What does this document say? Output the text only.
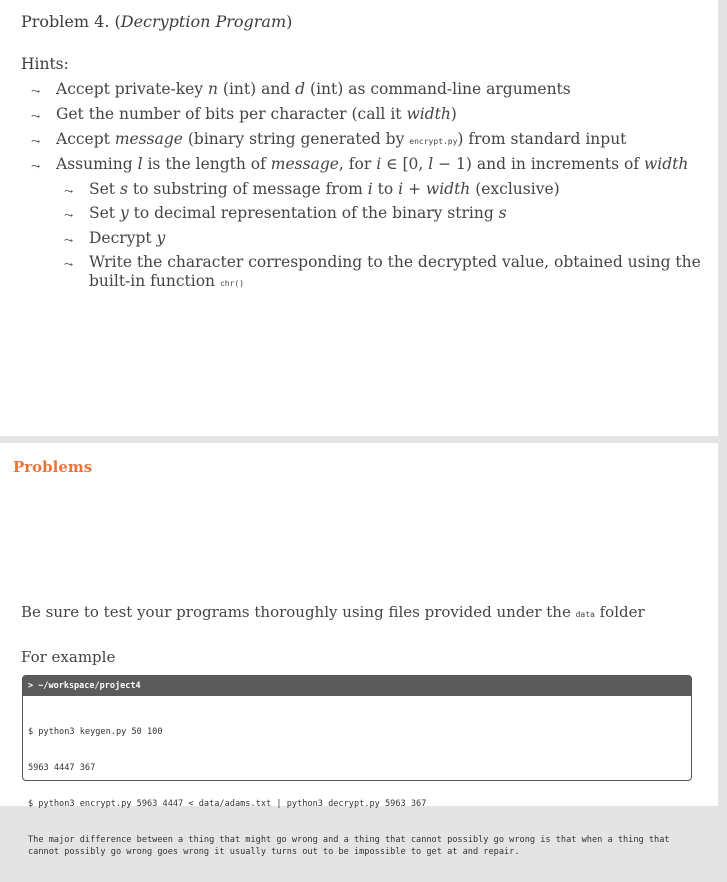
Problem 4. (Decryption Program)
Hints:
⤳ Accept private-key n (int) and d (int) as command-line arguments
⤳ Get the number of bits per character (call it width)
⤳ Accept message (binary string generated by encrypt.py) from standard input
⤳ Assuming l is the length of message, for i ∈ [0, l − 1) and in increments of width
⤳ Set s to substring of message from i to i + width (exclusive)
⤳ Set y to decimal representation of the binary string s
⤳ Decrypt y
⤳ Write the character corresponding to the decrypted value, obtained using the
built-in function chr()
Problems
Be sure to test your programs thoroughly using files provided under the data folder
For example
> ~/workspace/project4

$ python3 keygen.py 50 100

5963 4447 367

$ python3 encrypt.py 5963 4447 < data/adams.txt | python3 decrypt.py 5963 367

The major difference between a thing that might go wrong and a thing that cannot possibly go wrong is that when a thing that cannot possibly go wrong goes wrong it usually turns out to be impossible to get at and repair.
